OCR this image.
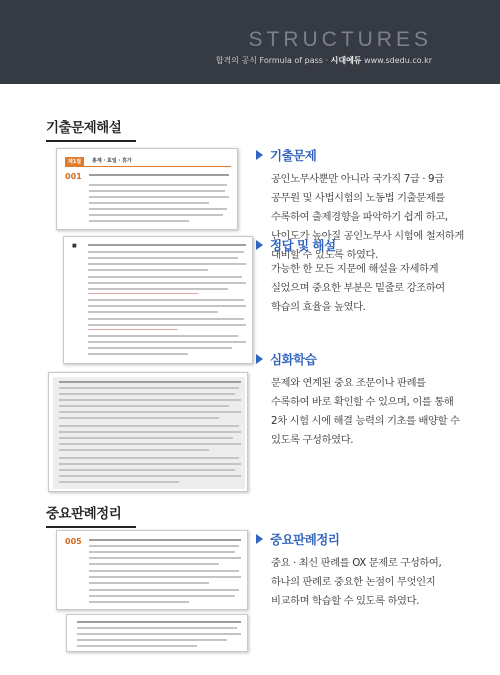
STRUCTURES
합격의 공식 Formula of pass · 시대에듀 www.sdedu.co.kr
기출문제해설
제1절	총계 · 효일 · 휴가
001
■
중요판례정리
005
기출문제
공인노무사뿐만 아니라 국가직 7급 · 9급 공무원 및 사법시험의 노동법 기출문제를 수록하여 출제경향을 파악하기 쉽게 하고, 난이도가 높아질 공인노무사 시험에 철저하게 대비할 수 있도록 하였다.
정답 및 해설
가능한 한 모든 지문에 해설을 자세하게 실었으며 중요한 부분은 밑줄로 강조하여 학습의 효율을 높였다.
심화학습
문제와 연계된 중요 조문이나 판례를 수록하여 바로 확인할 수 있으며, 이를 통해 2차 시험 시에 해결 능력의 기초를 배양할 수 있도록 구성하였다.
중요판례정리
중요 · 최신 판례를 OX 문제로 구성하여, 하나의 판례로 중요한 논점이 무엇인지 비교하며 학습할 수 있도록 하였다.
